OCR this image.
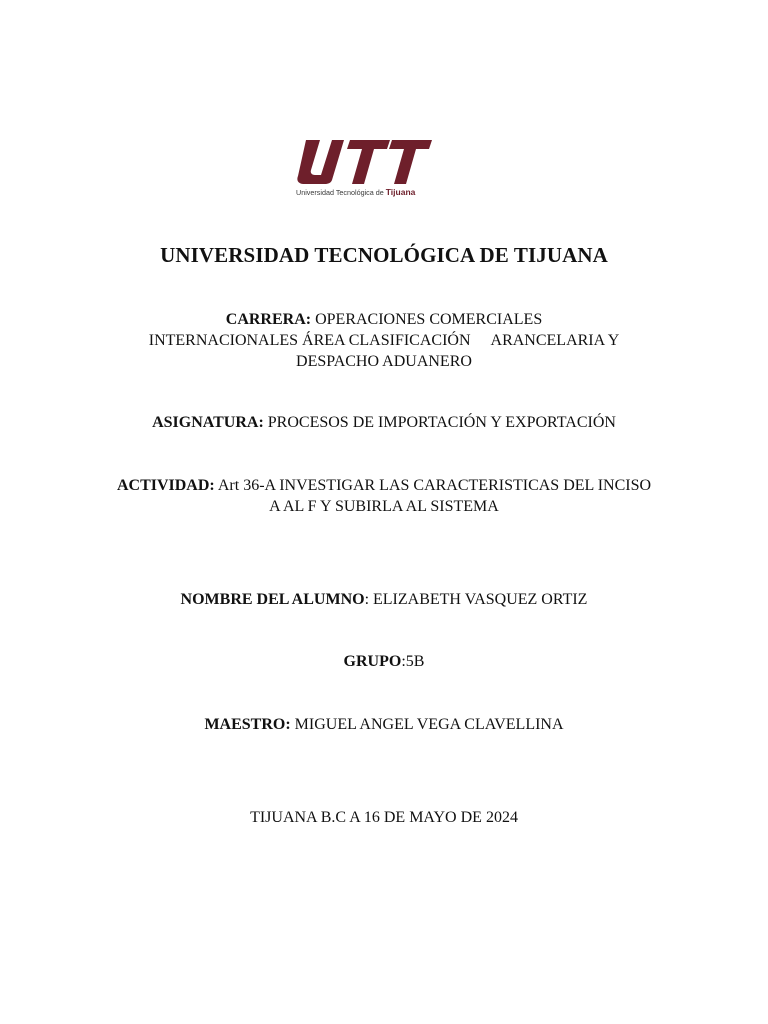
Universidad Tecnológica de Tijuana
UNIVERSIDAD TECNOLÓGICA DE TIJUANA
CARRERA: OPERACIONES COMERCIALES
INTERNACIONALES ÁREA CLASIFICACIÓN ARANCELARIA Y
DESPACHO ADUANERO
ASIGNATURA: PROCESOS DE IMPORTACIÓN Y EXPORTACIÓN
ACTIVIDAD: Art 36-A INVESTIGAR LAS CARACTERISTICAS DEL INCISO
A AL F Y SUBIRLA AL SISTEMA
NOMBRE DEL ALUMNO: ELIZABETH VASQUEZ ORTIZ
GRUPO:5B
MAESTRO: MIGUEL ANGEL VEGA CLAVELLINA
TIJUANA B.C A 16 DE MAYO DE 2024
